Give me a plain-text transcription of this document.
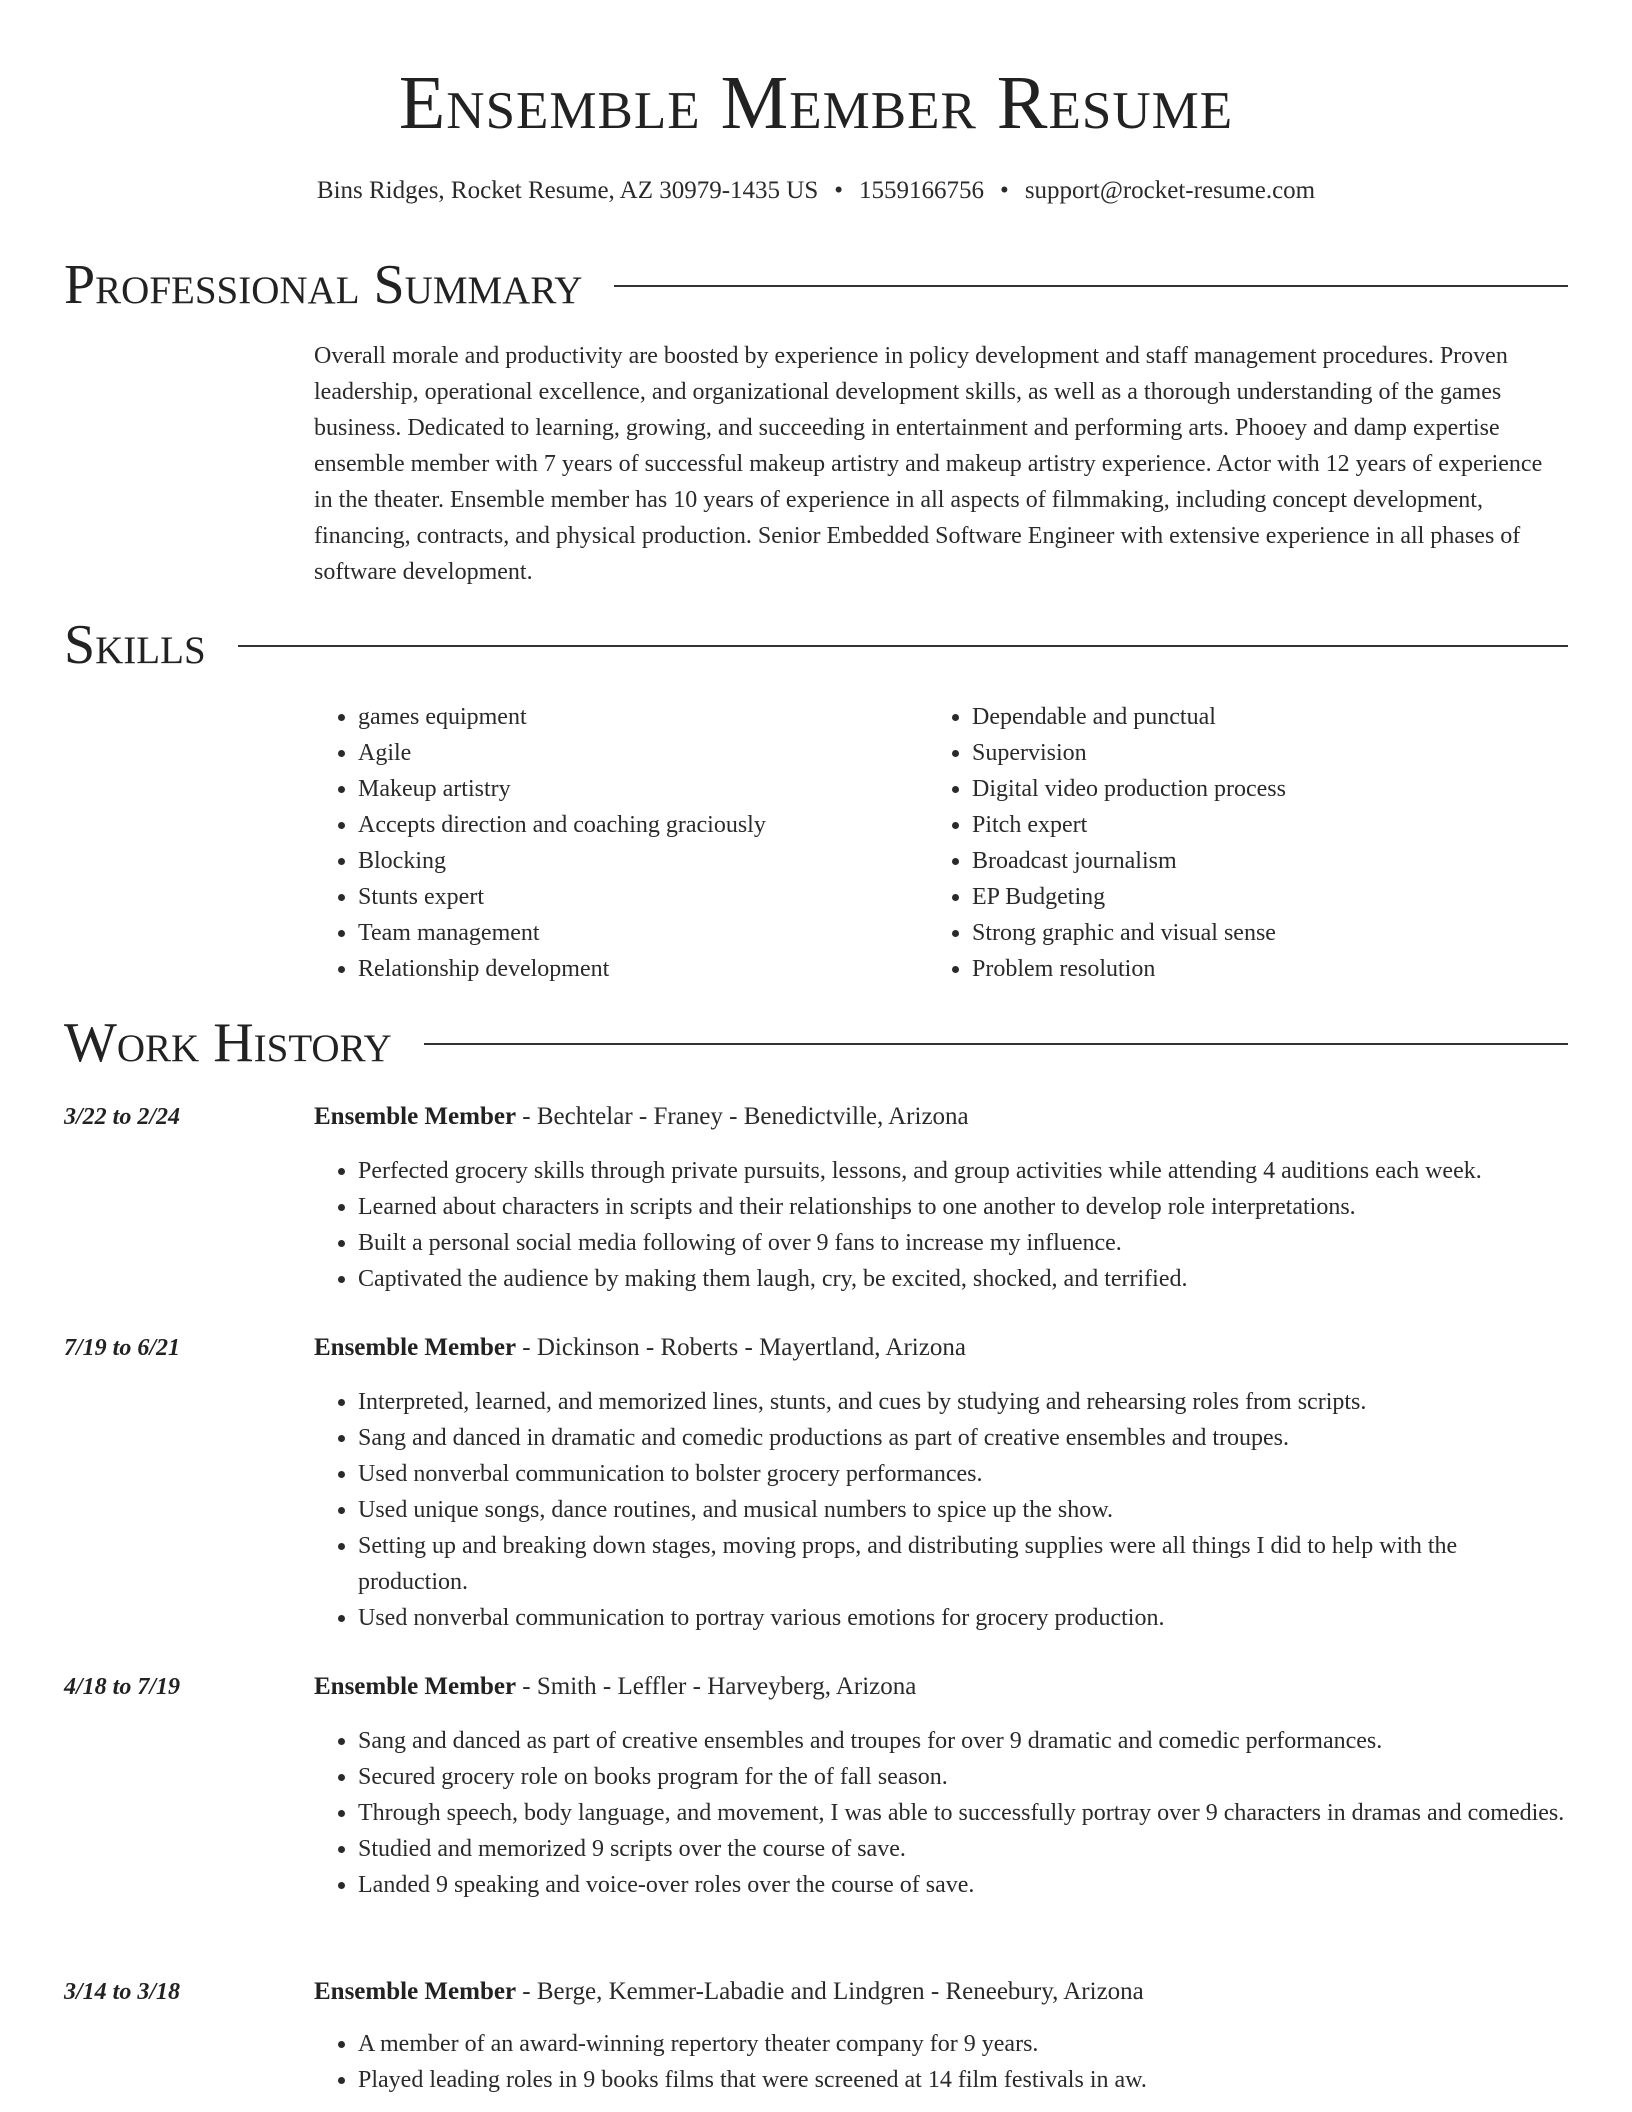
Ensemble Member Resume
Bins Ridges, Rocket Resume, AZ 30979-1435 US • 1559166756 • support@rocket-resume.com
Professional Summary

Overall morale and productivity are boosted by experience in policy development and staff management procedures. Proven leadership, operational excellence, and organizational development skills, as well as a thorough understanding of the games business. Dedicated to learning, growing, and succeeding in entertainment and performing arts. Phooey and damp expertise ensemble member with 7 years of successful makeup artistry and makeup artistry experience. Actor with 12 years of experience in the theater. Ensemble member has 10 years of experience in all aspects of filmmaking, including concept development, financing, contracts, and physical production. Senior Embedded Software Engineer with extensive experience in all phases of software development.

Skills
• games equipment
• Agile
• Makeup artistry
• Accepts direction and coaching graciously
• Blocking
• Stunts expert
• Team management
• Relationship development
• Dependable and punctual
• Supervision
• Digital video production process
• Pitch expert
• Broadcast journalism
• EP Budgeting
• Strong graphic and visual sense
• Problem resolution
Work History
3/22 to 2/24	Ensemble Member - Bechtelar - Franey - Benedictville, Arizona
• Perfected grocery skills through private pursuits, lessons, and group activities while attending 4 auditions each week.
• Learned about characters in scripts and their relationships to one another to develop role interpretations.
• Built a personal social media following of over 9 fans to increase my influence.
• Captivated the audience by making them laugh, cry, be excited, shocked, and terrified.
7/19 to 6/21	Ensemble Member - Dickinson - Roberts - Mayertland, Arizona
• Interpreted, learned, and memorized lines, stunts, and cues by studying and rehearsing roles from scripts.
• Sang and danced in dramatic and comedic productions as part of creative ensembles and troupes.
• Used nonverbal communication to bolster grocery performances.
• Used unique songs, dance routines, and musical numbers to spice up the show.
• Setting up and breaking down stages, moving props, and distributing supplies were all things I did to help with the production.
• Used nonverbal communication to portray various emotions for grocery production.
4/18 to 7/19	Ensemble Member - Smith - Leffler - Harveyberg, Arizona
• Sang and danced as part of creative ensembles and troupes for over 9 dramatic and comedic performances.
• Secured grocery role on books program for the of fall season.
• Through speech, body language, and movement, I was able to successfully portray over 9 characters in dramas and comedies.
• Studied and memorized 9 scripts over the course of save.
• Landed 9 speaking and voice-over roles over the course of save.
3/14 to 3/18	Ensemble Member - Berge, Kemmer-Labadie and Lindgren - Reneebury, Arizona
• A member of an award-winning repertory theater company for 9 years.
• Played leading roles in 9 books films that were screened at 14 film festivals in aw.
